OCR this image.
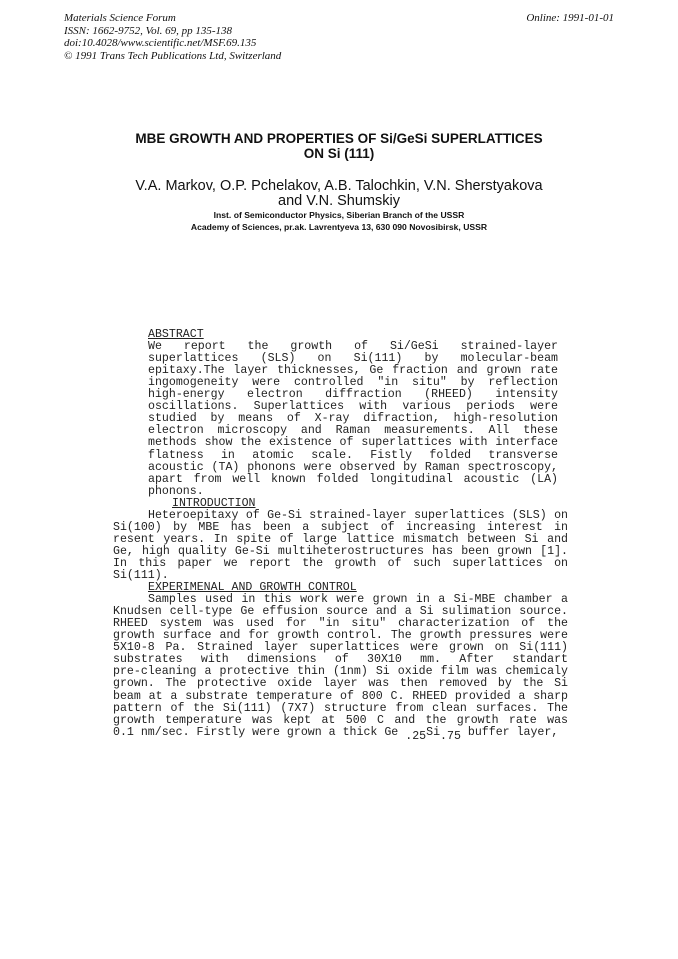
Materials Science Forum
ISSN: 1662-9752, Vol. 69, pp 135-138
doi:10.4028/www.scientific.net/MSF.69.135
© 1991 Trans Tech Publications Ltd, Switzerland
Online: 1991-01-01
MBE GROWTH AND PROPERTIES OF Si/GeSi SUPERLATTICES
ON Si (111)
V.A. Markov, O.P. Pchelakov, A.B. Talochkin, V.N. Sherstyakova
and V.N. Shumskiy
Inst. of Semiconductor Physics, Siberian Branch of the USSR
Academy of Sciences, pr.ak. Lavrentyeva 13, 630 090 Novosibirsk, USSR
ABSTRACT
We report the growth of Si/GeSi strained-layer
superlattices (SLS) on Si(111) by molecular-beam
epitaxy.The layer thicknesses, Ge fraction and grown rate
ingomogeneity were controlled "in situ" by reflection
high-energy electron diffraction (RHEED) intensity
oscillations. Superlattices with various periods were
studied by means of X-ray difraction, high-resolution
electron microscopy and Raman measurements. All these
methods show the existence of superlattices with interface
flatness in atomic scale. Fistly folded transverse
acoustic (TA) phonons were observed by Raman spectroscopy,
apart from well known folded longitudinal acoustic (LA)
phonons.
INTRODUCTION
Heteroepitaxy of Ge-Si strained-layer superlattices (SLS) on
Si(100) by MBE has been a subject of increasing interest in
resent years. In spite of large lattice mismatch between Si and
Ge, high quality Ge-Si multiheterostructures has been grown [1].
In this paper we report the growth of such superlattices on
Si(111).
EXPERIMENAL AND GROWTH CONTROL
Samples used in this work were grown in a Si-MBE chamber a
Knudsen cell-type Ge effusion source and a Si sulimation source.
RHEED system was used for "in situ" characterization of the
growth surface and for growth control. The growth pressures were
5X10-8 Pa. Strained layer superlattices were grown on Si(111)
substrates with dimensions of 30X10 mm. After standart
pre-cleaning a protective thin (1nm) Si oxide film was chemicaly
grown. The protective oxide layer was then removed by the Si
beam at a substrate temperature of 800 C. RHEED provided a sharp
pattern of the Si(111) (7X7) structure from clean surfaces. The
growth temperature was kept at 500 C and the growth rate was
0.1 nm/sec. Firstly were grown a thick Ge .25Si.75 buffer layer,
